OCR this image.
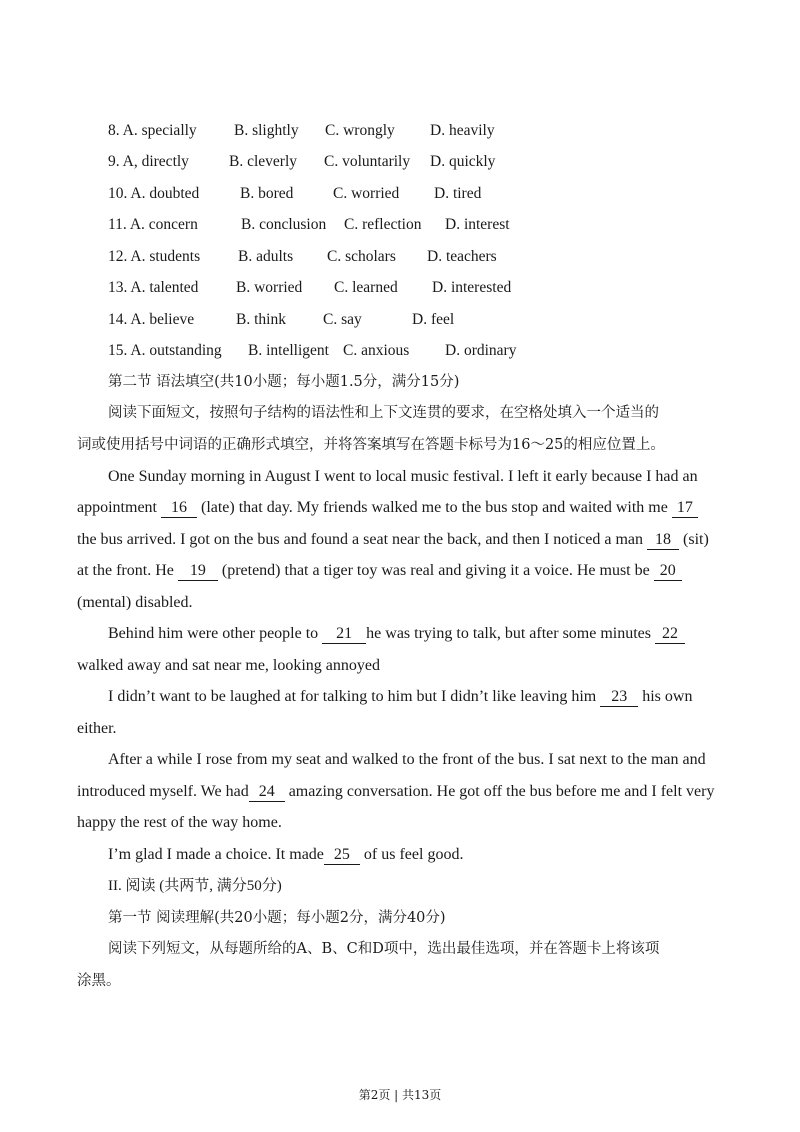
8. A. specially B. slightly C. wrongly D. heavily
9. A, directly	B. cleverly C. voluntarily D. quickly
10. A. doubted	B. bored	C. worried D. tired
11. A. concern	B. conclusion C. reflection D. interest
12. A. students B. adults C. scholars D. teachers
13. A. talented B. worried C. learned D. interested
14. A. believe	B. think C. say	D. feel
15. A. outstanding B. intelligent C. anxious D. ordinary
第二节 语法填空(共10小题；每小题1.5分，满分15分)
阅读下面短文，按照句子结构的语法性和上下文连贯的要求，在空格处填入一个适当的
词或使用括号中词语的正确形式填空，并将答案填写在答题卡标号为16～25的相应位置上。
One Sunday morning in August I went to local music festival. I left it early because I had an
appointment 16 (late) that day. My friends walked me to the bus stop and waited with me 17
the bus arrived. I got on the bus and found a seat near the back, and then I noticed a man 18 (sit)
at the front. He 19 (pretend) that a tiger toy was real and giving it a voice. He must be 20
(mental) disabled.
Behind him were other people to 21 he was trying to talk, but after some minutes 22
walked away and sat near me, looking annoyed
I didn’t want to be laughed at for talking to him but I didn’t like leaving him 23 his own
either.
After a while I rose from my seat and walked to the front of the bus. I sat next to the man and
introduced myself. We had 24 amazing conversation. He got off the bus before me and I felt very
happy the rest of the way home.
I’m glad I made a choice. It made 25 of us feel good.
II. 阅读 (共两节, 满分50分)
第一节 阅读理解(共20小题；每小题2分，满分40分)
阅读下列短文，从每题所给的A、B、C和D项中，选出最佳选项，并在答题卡上将该项
涂黑。
第2页 | 共13页
